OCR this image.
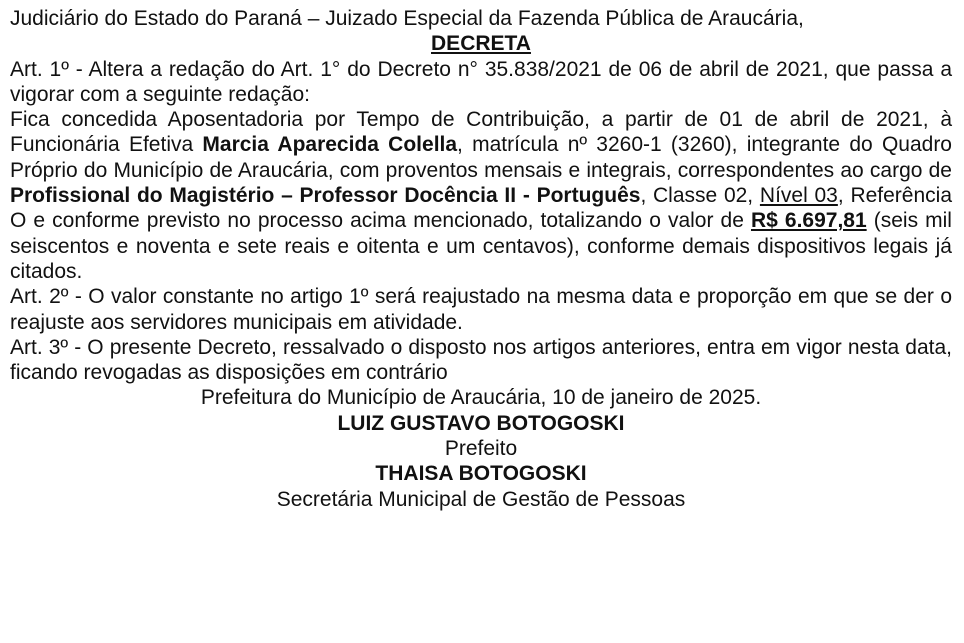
Judiciário do Estado do Paraná – Juizado Especial da Fazenda Pública de Araucária,

DECRETA

Art. 1º - Altera a redação do Art. 1° do Decreto n° 35.838/2021 de 06 de abril de 2021, que passa a vigorar com a seguinte redação:

Fica concedida Aposentadoria por Tempo de Contribuição, a partir de 01 de abril de 2021, à Funcionária Efetiva Marcia Aparecida Colella, matrícula nº 3260-1 (3260), integrante do Quadro Próprio do Município de Araucária, com proventos mensais e integrais, correspondentes ao cargo de Profissional do Magistério – Professor Docência II - Português, Classe 02, Nível 03, Referência O e conforme previsto no processo acima mencionado, totalizando o valor de R$ 6.697,81 (seis mil seiscentos e noventa e sete reais e oitenta e um centavos), conforme demais dispositivos legais já citados.

Art. 2º - O valor constante no artigo 1º será reajustado na mesma data e proporção em que se der o reajuste aos servidores municipais em atividade.

Art. 3º - O presente Decreto, ressalvado o disposto nos artigos anteriores, entra em vigor nesta data, ficando revogadas as disposições em contrário

Prefeitura do Município de Araucária, 10 de janeiro de 2025.

LUIZ GUSTAVO BOTOGOSKI

Prefeito

THAISA BOTOGOSKI

Secretária Municipal de Gestão de Pessoas
